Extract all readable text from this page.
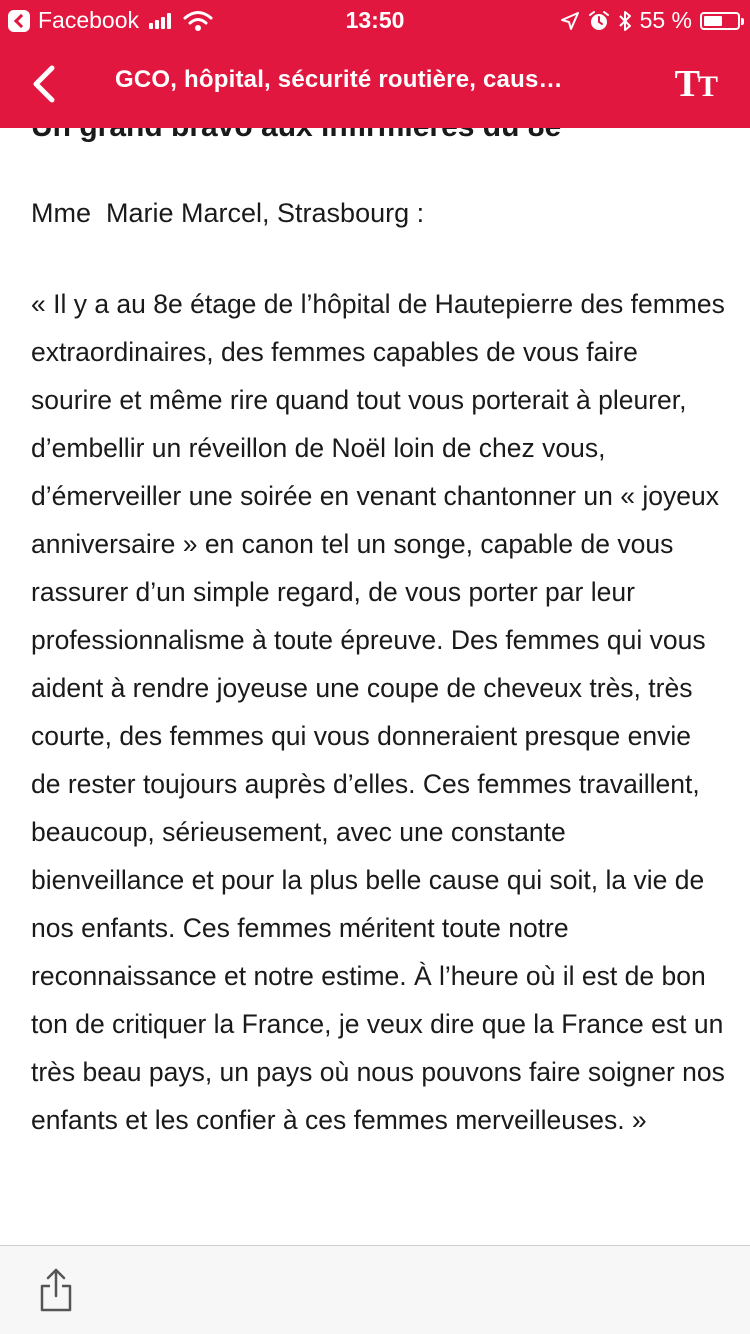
Facebook	13:50	55 %
GCO, hôpital, sécurité routière, caus…	TT

Mme  Marie Marcel, Strasbourg :

« Il y a au 8e étage de l’hôpital de Hautepierre des femmes extraordinaires, des femmes capables de vous faire sourire et même rire quand tout vous porterait à pleurer, d’embellir un réveillon de Noël loin de chez vous, d’émerveiller une soirée en venant chantonner un « joyeux anniversaire » en canon tel un songe, capable de vous rassurer d’un simple regard, de vous porter par leur professionnalisme à toute épreuve. Des femmes qui vous aident à rendre joyeuse une coupe de cheveux très, très courte, des femmes qui vous donneraient presque envie de rester toujours auprès d’elles. Ces femmes travaillent, beaucoup, sérieusement, avec une constante bienveillance et pour la plus belle cause qui soit, la vie de nos enfants. Ces femmes méritent toute notre reconnaissance et notre estime. À l’heure où il est de bon ton de critiquer la France, je veux dire que la France est un très beau pays, un pays où nous pouvons faire soigner nos enfants et les confier à ces femmes merveilleuses. »
